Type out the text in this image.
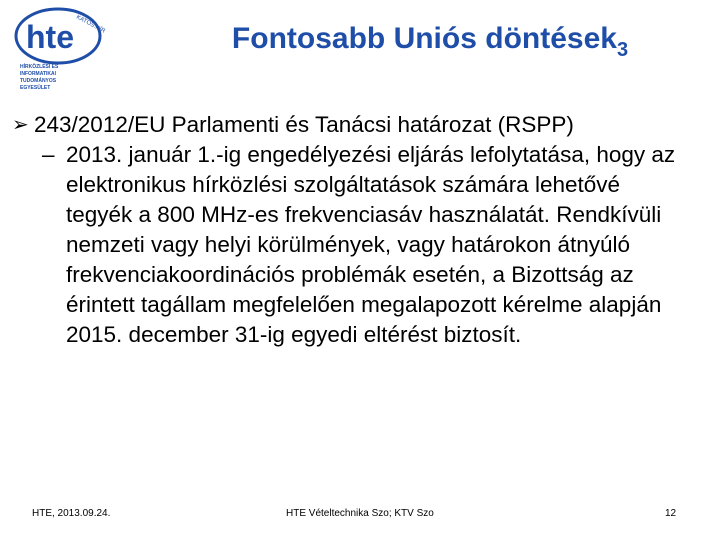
hte KATOS.HÍR
HÍRKÖZLÉSI ÉS
INFORMATIKAI
TUDOMÁNYOS
EGYESÜLET
Fontosabb Uniós döntések$_3$
➢ 243/2012/EU Parlamenti és Tanácsi határozat (RSPP)
– 2013. január 1.-ig engedélyezési eljárás lefolytatása, hogy az elektronikus hírközlési szolgáltatások számára lehetővé tegyék a 800 MHz-es frekvenciasáv használatát. Rendkívüli nemzeti vagy helyi körülmények, vagy határokon átnyúló frekvenciakoordinációs problémák esetén, a Bizottság az érintett tagállam megfelelően megalapozott kérelme alapján 2015. december 31-ig egyedi eltérést biztosít.
HTE, 2013.09.24.	HTE Vételtechnika Szo; KTV Szo	12
